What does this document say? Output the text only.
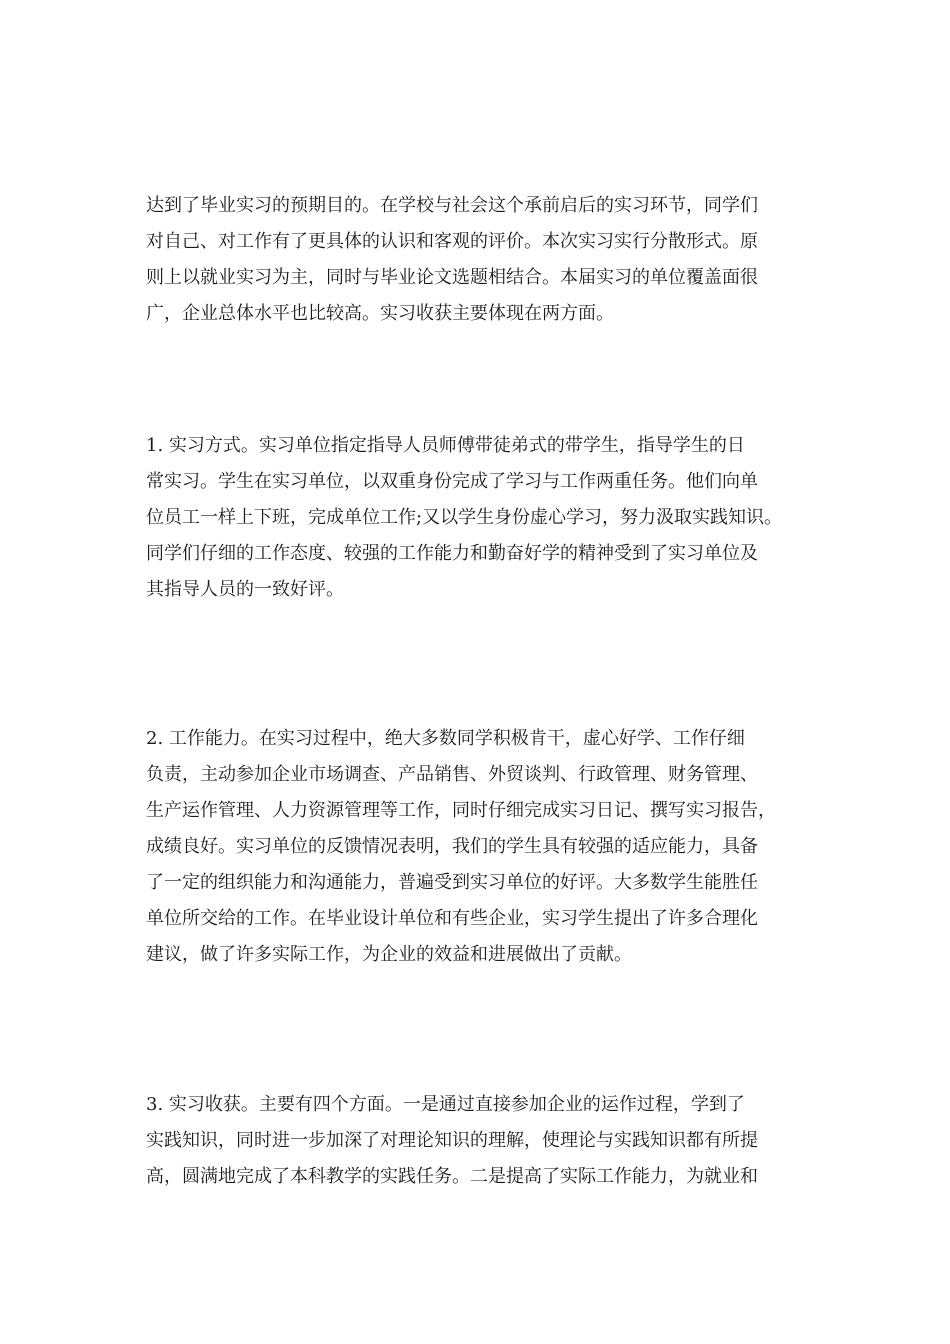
达到了毕业实习的预期目的。在学校与社会这个承前启后的实习环节，同学们
对自己、对工作有了更具体的认识和客观的评价。本次实习实行分散形式。原
则上以就业实习为主，同时与毕业论文选题相结合。本届实习的单位覆盖面很
广，企业总体水平也比较高。实习收获主要体现在两方面。

1. 实习方式。实习单位指定指导人员师傅带徒弟式的带学生，指导学生的日
常实习。学生在实习单位，以双重身份完成了学习与工作两重任务。他们向单
位员工一样上下班，完成单位工作;又以学生身份虚心学习，努力汲取实践知识。
同学们仔细的工作态度、较强的工作能力和勤奋好学的精神受到了实习单位及
其指导人员的一致好评。

2. 工作能力。在实习过程中，绝大多数同学积极肯干，虚心好学、工作仔细
负责，主动参加企业市场调查、产品销售、外贸谈判、行政管理、财务管理、
生产运作管理、人力资源管理等工作，同时仔细完成实习日记、撰写实习报告，
成绩良好。实习单位的反馈情况表明，我们的学生具有较强的适应能力，具备
了一定的组织能力和沟通能力，普遍受到实习单位的好评。大多数学生能胜任
单位所交给的工作。在毕业设计单位和有些企业，实习学生提出了许多合理化
建议，做了许多实际工作，为企业的效益和进展做出了贡献。

3. 实习收获。主要有四个方面。一是通过直接参加企业的运作过程，学到了
实践知识，同时进一步加深了对理论知识的理解，使理论与实践知识都有所提
高，圆满地完成了本科教学的实践任务。二是提高了实际工作能力，为就业和
